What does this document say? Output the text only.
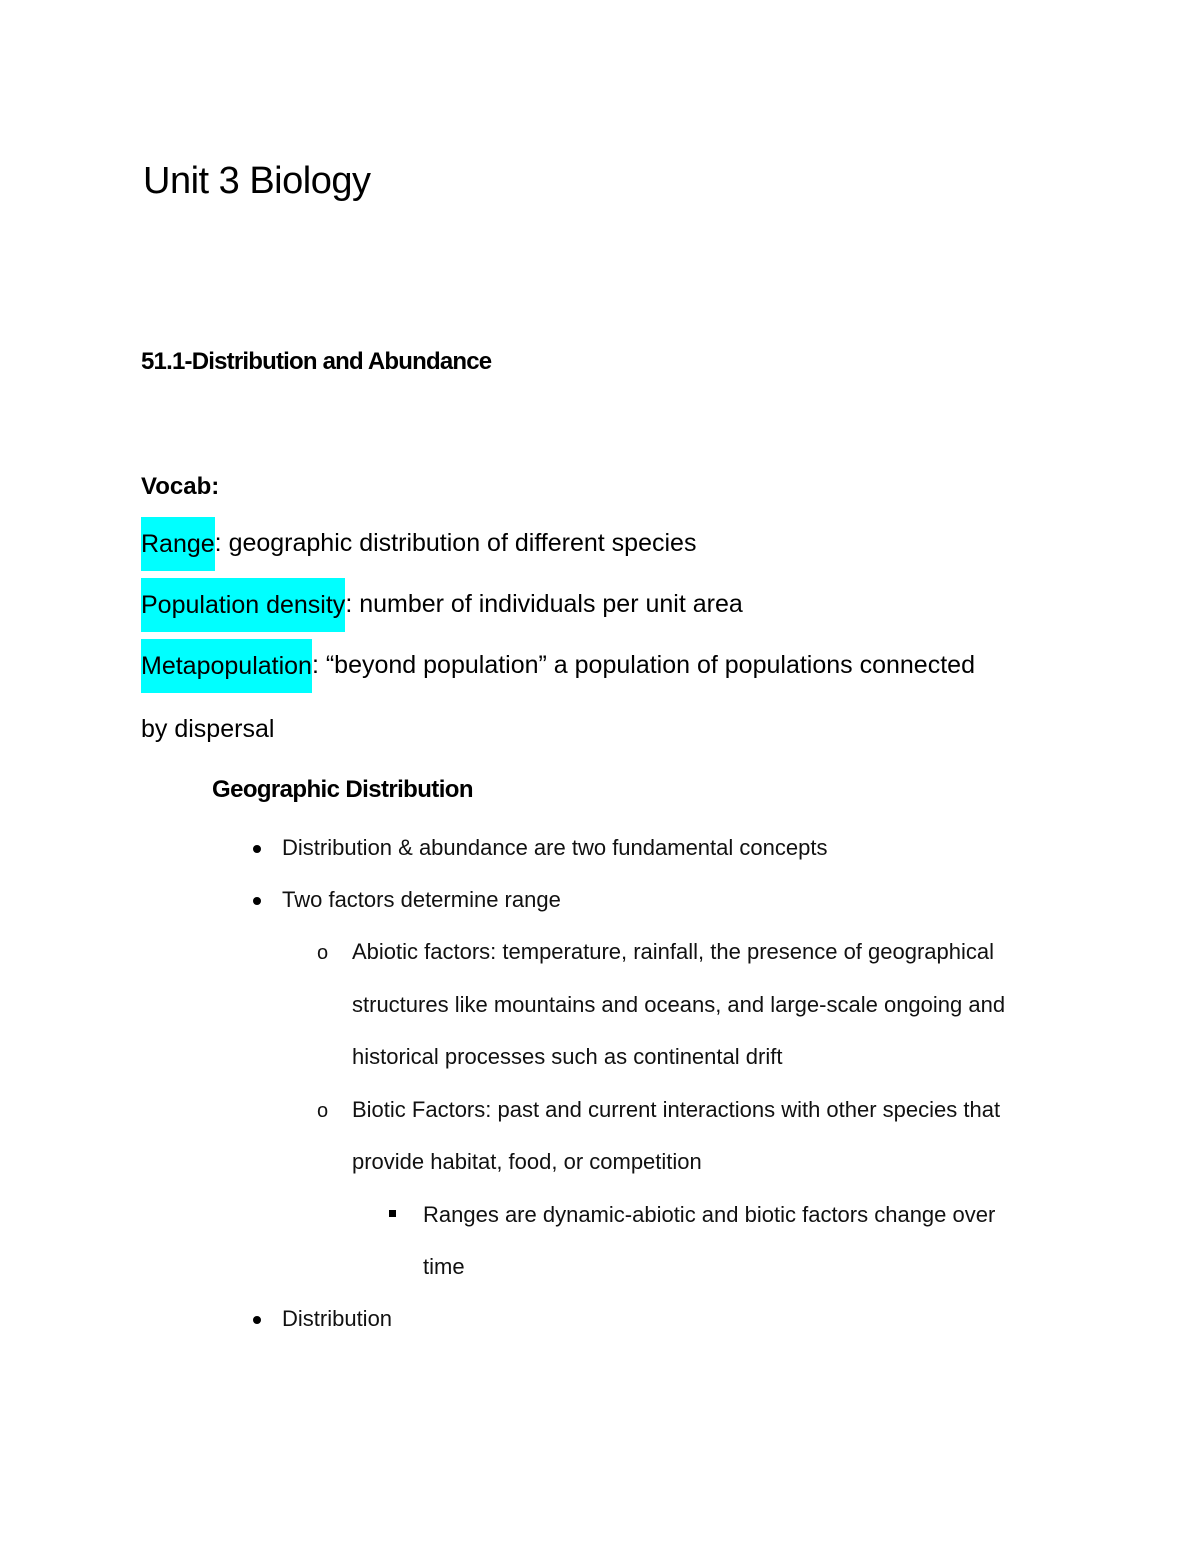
Unit 3 Biology
51.1-Distribution and Abundance
Vocab:
Range: geographic distribution of different species
Population density: number of individuals per unit area
Metapopulation: “beyond population” a population of populations connected
by dispersal
Geographic Distribution
Distribution & abundance are two fundamental concepts
Two factors determine range
o Abiotic factors: temperature, rainfall, the presence of geographical
structures like mountains and oceans, and large-scale ongoing and
historical processes such as continental drift
o Biotic Factors: past and current interactions with other species that
provide habitat, food, or competition
Ranges are dynamic-abiotic and biotic factors change over
time
Distribution
